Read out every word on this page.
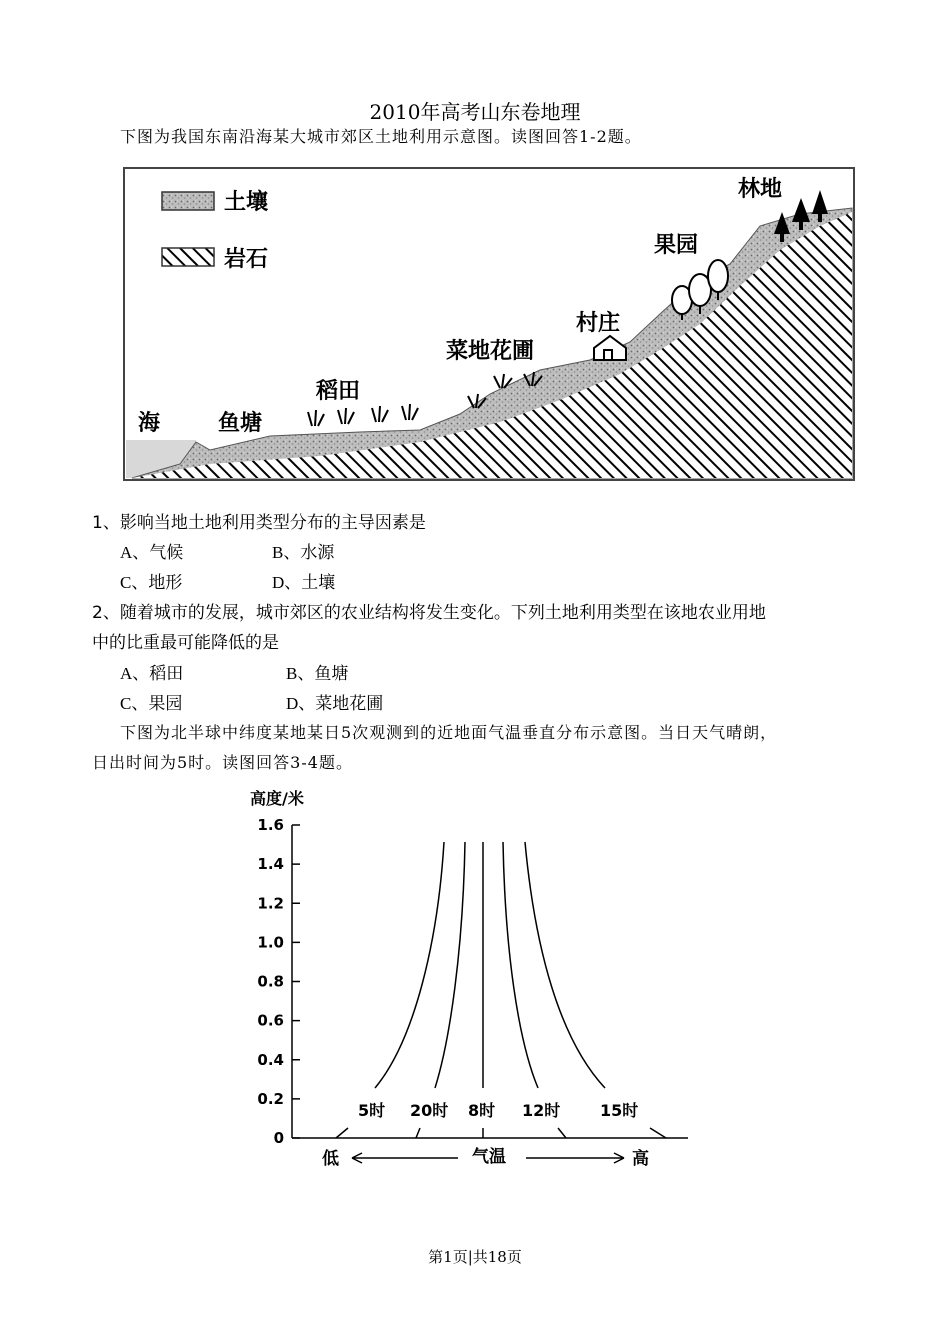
2010年高考山东卷地理
下图为我国东南沿海某大城市郊区土地利用示意图。读图回答1-2题。
土壤
岩石
海	鱼塘
稻田
菜地花圃
村庄
果园
林地
1、影响当地土地利用类型分布的主导因素是
A、气候	B、水源
C、地形	D、土壤
2、随着城市的发展，城市郊区的农业结构将发生变化。下列土地利用类型在该地农业用地
中的比重最可能降低的是
A、稻田	B、鱼塘
C、果园	D、菜地花圃
下图为北半球中纬度某地某日5次观测到的近地面气温垂直分布示意图。当日天气晴朗，
日出时间为5时。读图回答3-4题。
0
0.2
0.4
0.6
0.8
1.0
1.2
1.4
1.6
高度/米
5时 20时 8时 12时 15时
低	气温	高
第1页|共18页
